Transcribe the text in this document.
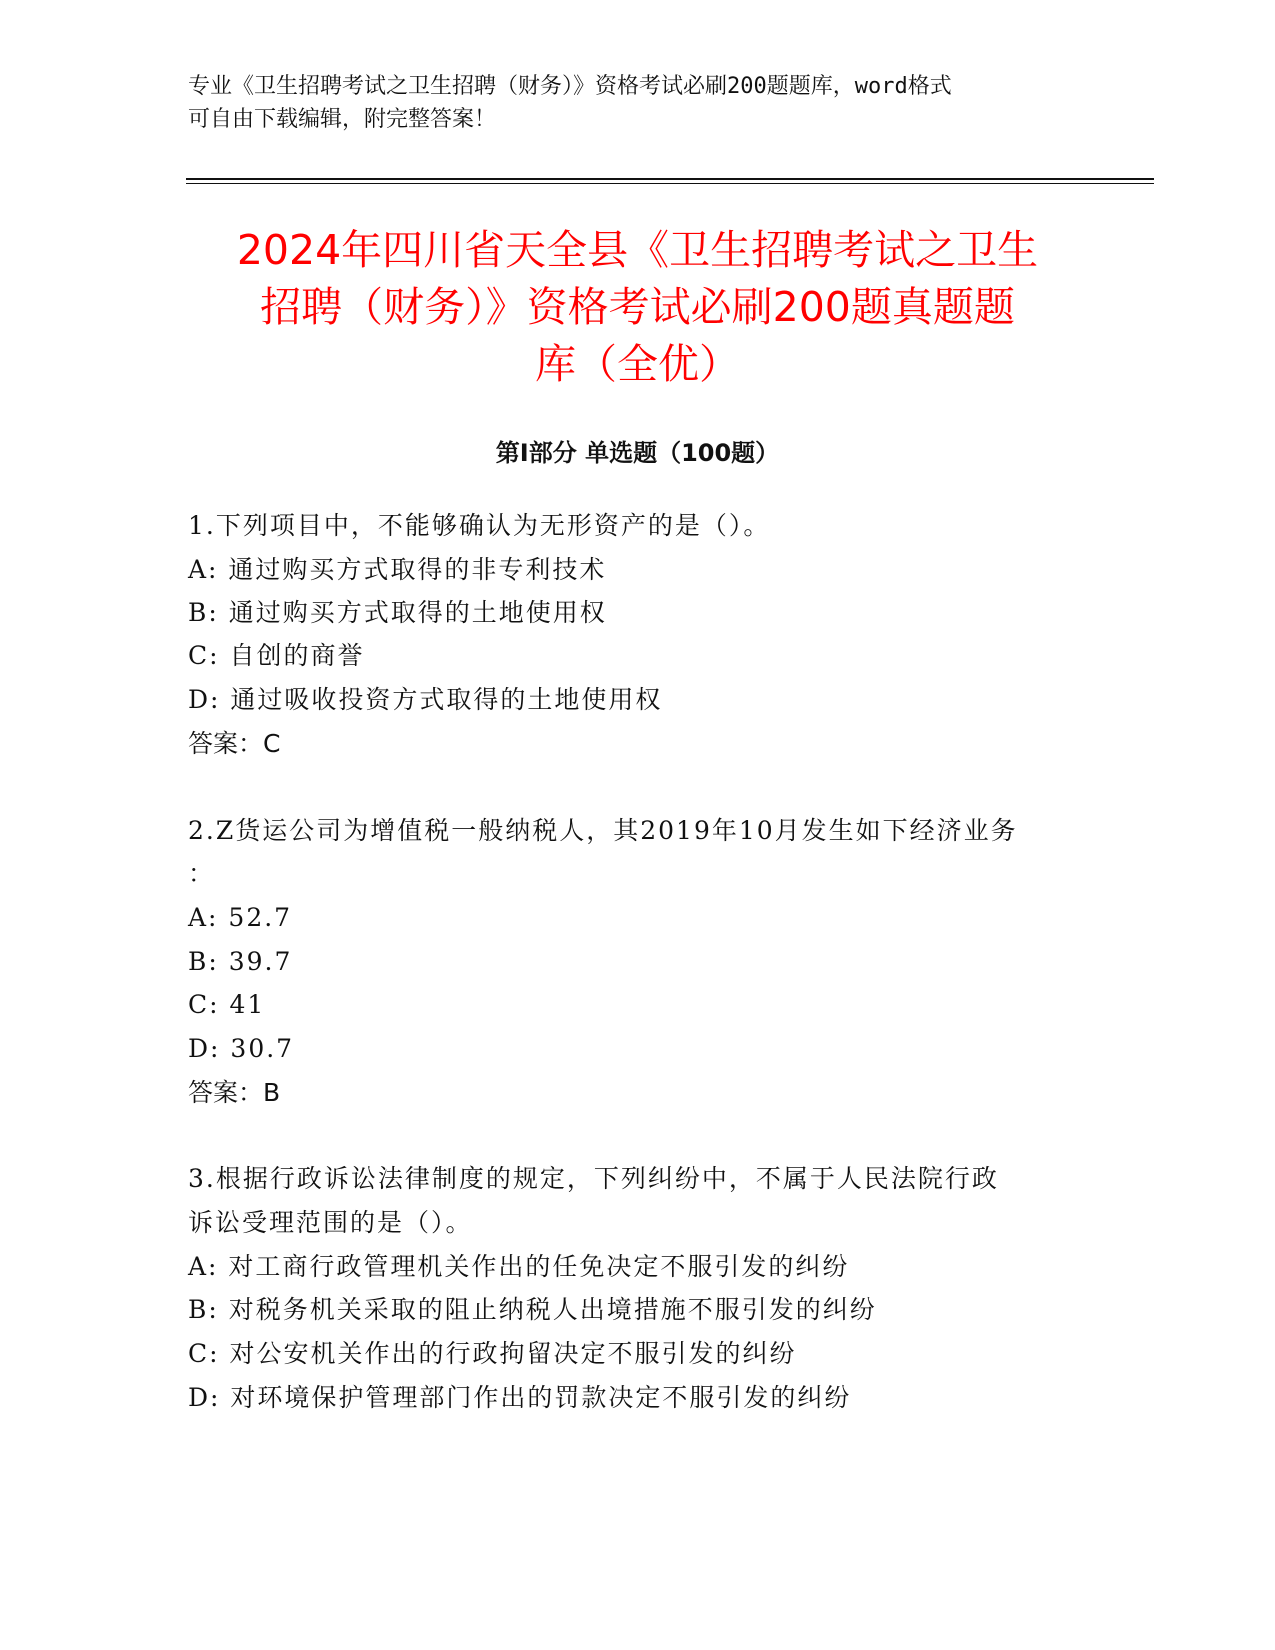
专业《卫生招聘考试之卫生招聘（财务）》资格考试必刷200题题库，word格式
可自由下载编辑，附完整答案！
2024年四川省天全县《卫生招聘考试之卫生
招聘（财务）》资格考试必刷200题真题题
库（全优）
第Ⅰ部分 单选题（100题）
1.下列项目中，不能够确认为无形资产的是（）。
A: 通过购买方式取得的非专利技术
B: 通过购买方式取得的土地使用权
C: 自创的商誉
D: 通过吸收投资方式取得的土地使用权
答案：C
2.Z货运公司为增值税一般纳税人，其2019年10月发生如下经济业务
：
A: 52.7
B: 39.7
C: 41
D: 30.7
答案：B
3.根据行政诉讼法律制度的规定，下列纠纷中，不属于人民法院行政
诉讼受理范围的是（）。
A: 对工商行政管理机关作出的任免决定不服引发的纠纷
B: 对税务机关采取的阻止纳税人出境措施不服引发的纠纷
C: 对公安机关作出的行政拘留决定不服引发的纠纷
D: 对环境保护管理部门作出的罚款决定不服引发的纠纷
